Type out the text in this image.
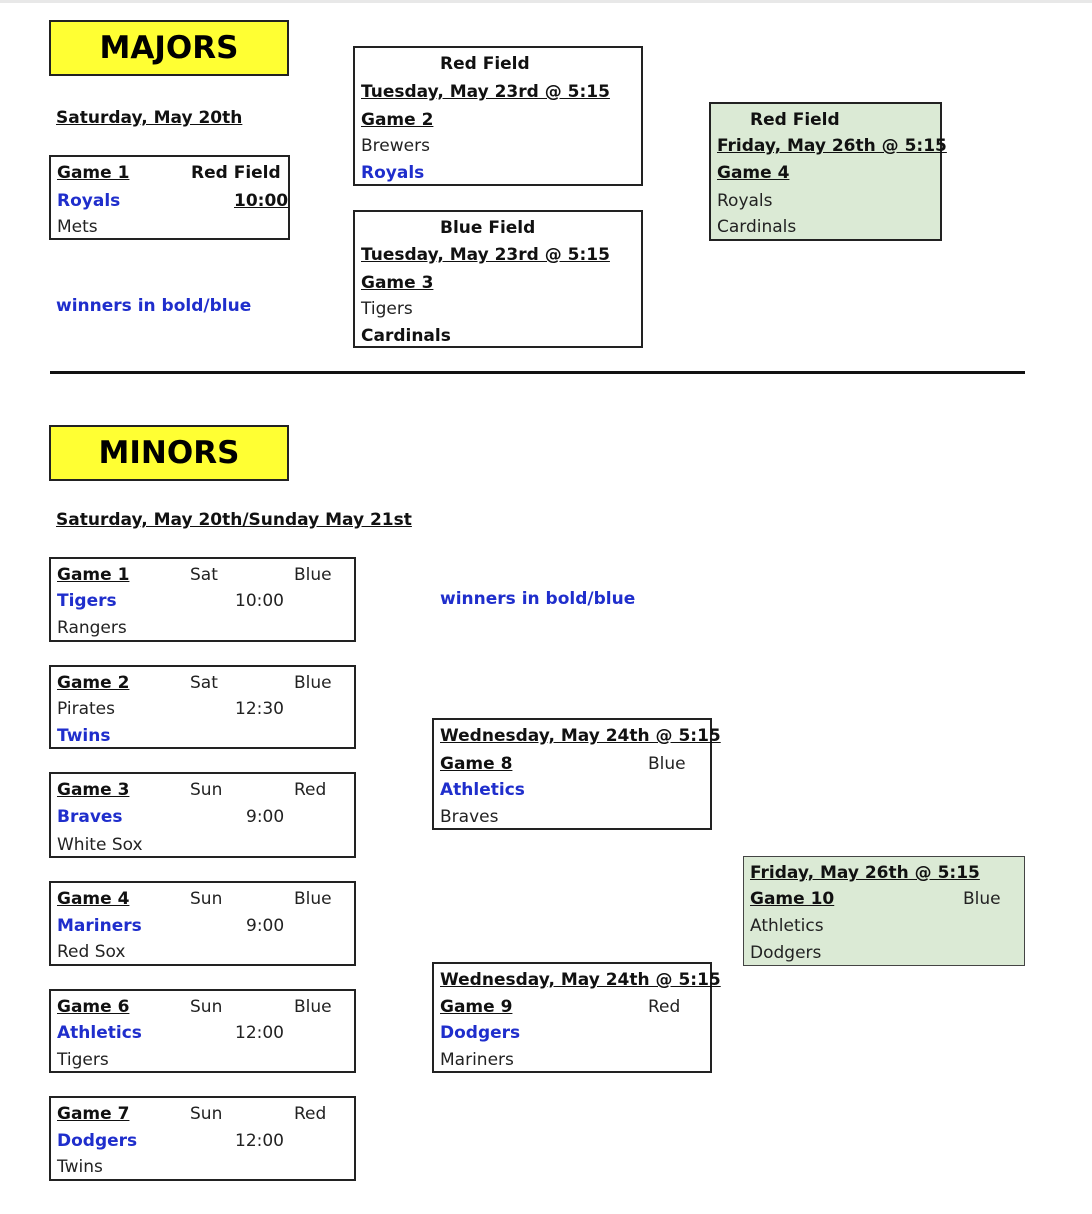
MAJORS
Saturday, May 20th
Game 1	Red Field
Royals	10:00
Mets
winners in bold/blue
Red Field
Tuesday, May 23rd @ 5:15
Game 2
Brewers
Royals
Blue Field
Tuesday, May 23rd @ 5:15
Game 3
Tigers
Cardinals
Red Field
Friday, May 26th @ 5:15
Game 4
Royals
Cardinals
MINORS
Saturday, May 20th/Sunday May 21st
winners in bold/blue
Game 1	Sat	Blue
Tigers	10:00
Rangers
Game 2	Sat	Blue
Pirates	12:30
Twins
Game 3	Sun	Red
Braves	9:00
White Sox
Game 4	Sun	Blue
Mariners	9:00
Red Sox
Game 6	Sun	Blue
Athletics	12:00
Tigers
Game 7	Sun	Red
Dodgers	12:00
Twins
Wednesday, May 24th @ 5:15
Game 8	Blue
Athletics
Braves
Wednesday, May 24th @ 5:15
Game 9	Red
Dodgers
Mariners
Friday, May 26th @ 5:15
Game 10	Blue
Athletics
Dodgers
